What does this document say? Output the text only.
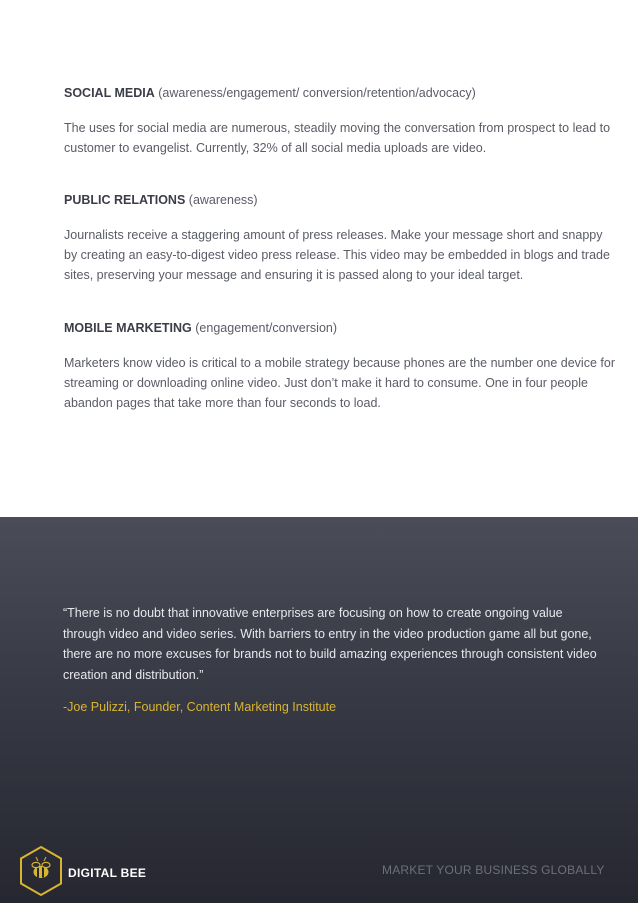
SOCIAL MEDIA (awareness/engagement/ conversion/retention/advocacy)

The uses for social media are numerous, steadily moving the conversation from prospect to lead to customer to evangelist. Currently, 32% of all social media uploads are video.

PUBLIC RELATIONS (awareness)

Journalists receive a staggering amount of press releases. Make your message short and snappy by creating an easy-to-digest video press release. This video may be embedded in blogs and trade sites, preserving your message and ensuring it is passed along to your ideal target.

MOBILE MARKETING (engagement/conversion)

Marketers know video is critical to a mobile strategy because phones are the number one device for streaming or downloading online video. Just don’t make it hard to consume. One in four people abandon pages that take more than four seconds to load.

“There is no doubt that innovative enterprises are focusing on how to create ongoing value through video and video series. With barriers to entry in the video production game all but gone, there are no more excuses for brands not to build amazing experiences through consistent video creation and distribution.”

-Joe Pulizzi, Founder, Content Marketing Institute

DIGITAL BEE	MARKET YOUR BUSINESS GLOBALLY
